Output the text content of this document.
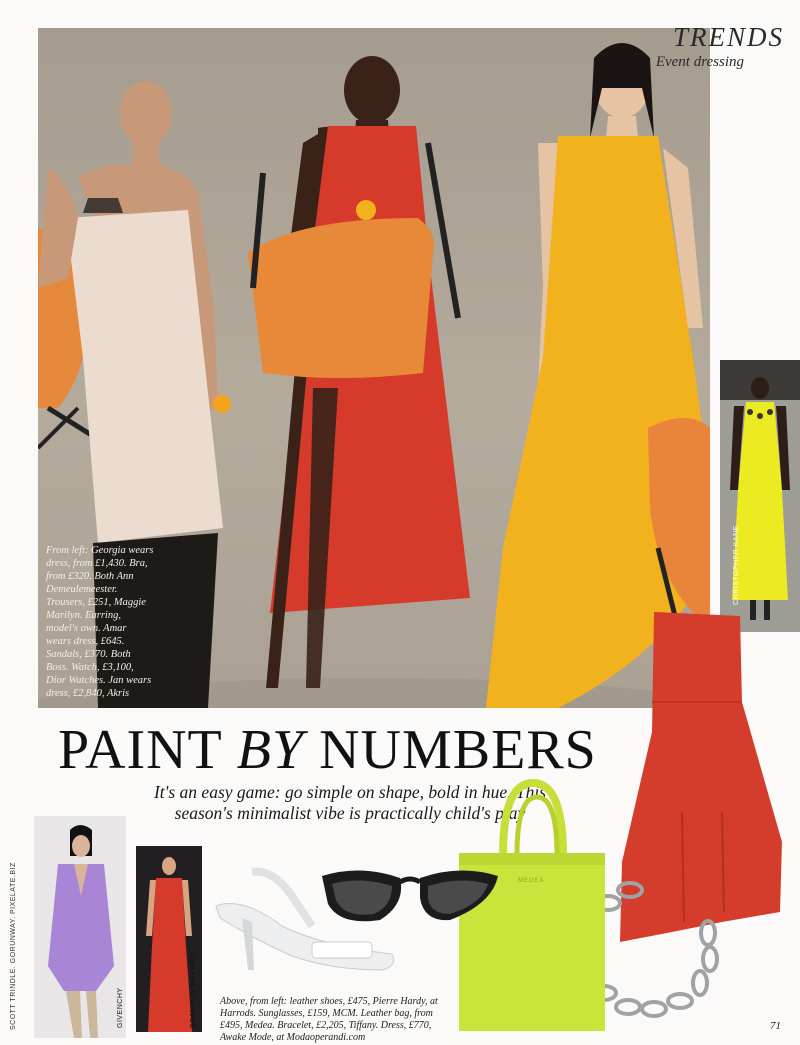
TRENDS
Event dressing
From left: Georgia wears dress, from £1,430. Bra, from £320. Both Ann Demeulemeester. Trousers, £251, Maggie Marilyn. Earring, model's own. Amar wears dress, £645. Sandals, £370. Both Boss. Watch, £3,100, Dior Watches. Jan wears dress, £2,840, Akris
CHRISTOPHER KANE
PAINT BY NUMBERS
It's an easy game: go simple on shape, bold in hue. This season's minimalist vibe is practically child's play
MEDEA
GIVENCHY
SCOTT TRINDLE. GORUNWAY. PIXELATE.BIZ	BRANDON MAXWELL Above, from left: leather shoes, £475, Pierre Hardy, at Harrods. Sunglasses, £159, MCM. Leather bag, from £495, Medea. Bracelet, £2,205, Tiffany. Dress, £770, Awake Mode, at Modaoperandi.com
71
